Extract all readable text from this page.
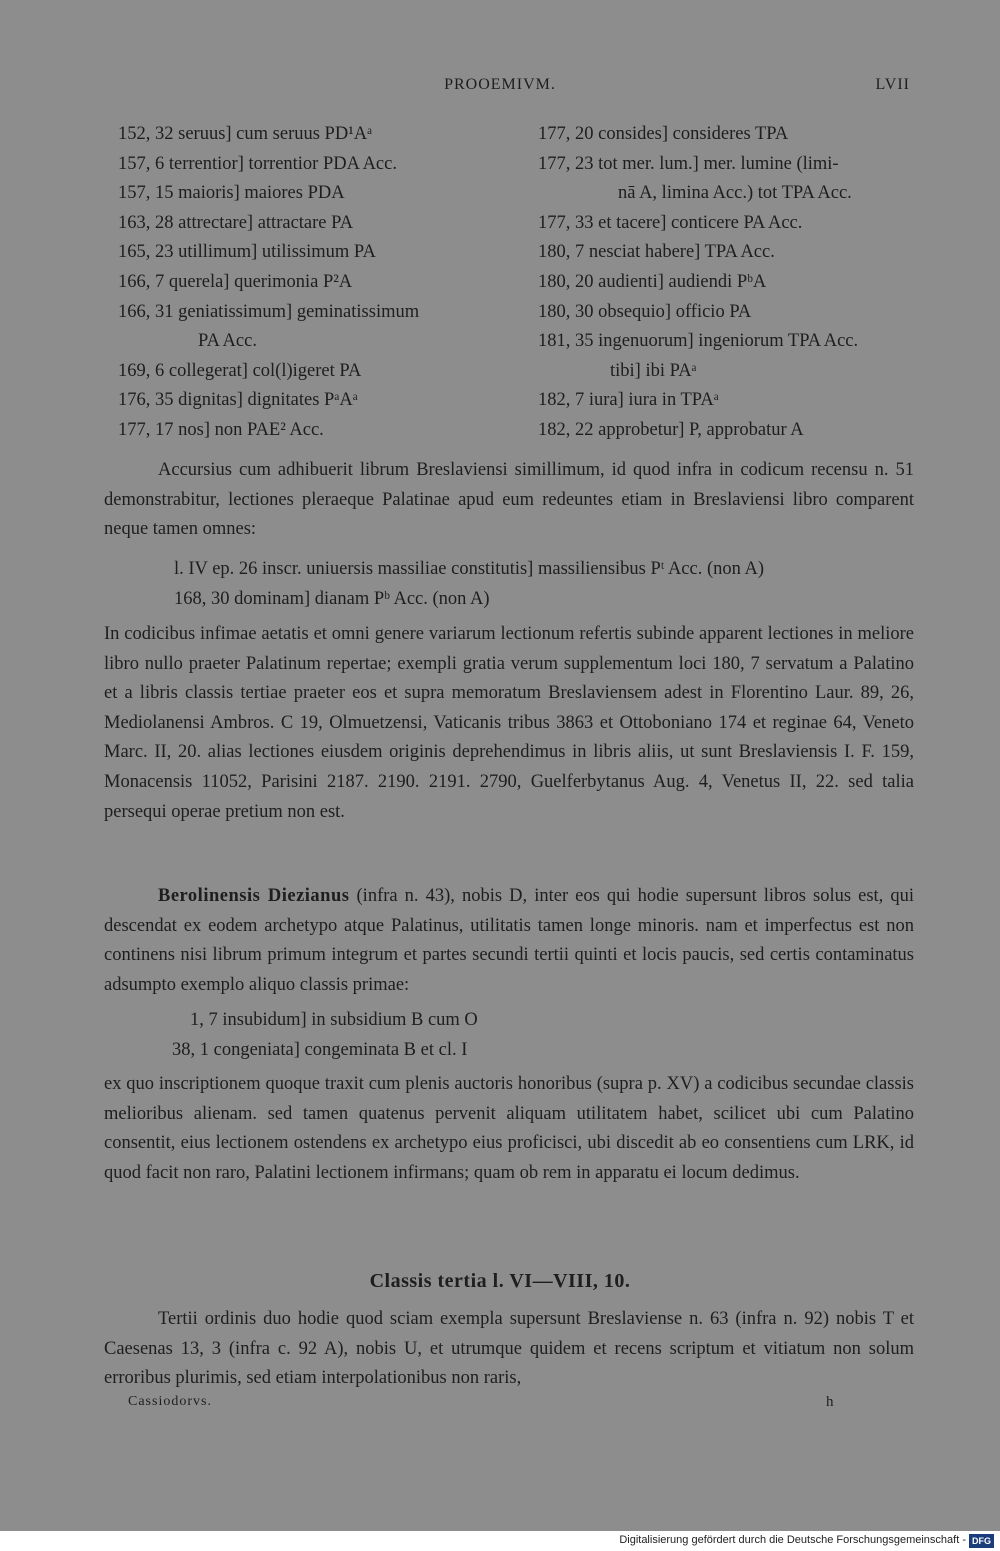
PROOEMIVM.	LVII
152, 32 seruus] cum seruus PD¹Aᵃ
157, 6 terrentior] torrentior PDA Acc.
157, 15 maioris] maiores PDA
163, 28 attrectare] attractare PA
165, 23 utillimum] utilissimum PA
166, 7 querela] querimonia P²A
166, 31 geniatissimum] geminatissimum
PA Acc.
169, 6 collegerat] col(l)igeret PA
176, 35 dignitas] dignitates PᵃAᵃ
177, 17 nos] non PAE² Acc.
177, 20 consides] consideres TPA
177, 23 tot mer. lum.] mer. lumine (limi-
nā A, limina Acc.) tot TPA Acc.
177, 33 et tacere] conticere PA Acc.
180, 7 nesciat habere] TPA Acc.
180, 20 audienti] audiendi PᵇA
180, 30 obsequio] officio PA
181, 35 ingenuorum] ingeniorum TPA Acc.
tibi] ibi PAᵃ
182, 7 iura] iura in TPAᵃ
182, 22 approbetur] P, approbatur A

Accursius cum adhibuerit librum Breslaviensi simillimum, id quod infra in codicum recensu n. 51 demonstrabitur, lectiones pleraeque Palatinae apud eum redeuntes etiam in Breslaviensi libro comparent neque tamen omnes:

l. IV ep. 26 inscr. uniuersis massiliae constitutis] massiliensibus Pᵗ Acc. (non A)
168, 30 dominam] dianam Pᵇ Acc. (non A)

In codicibus infimae aetatis et omni genere variarum lectionum refertis subinde apparent lectiones in meliore libro nullo praeter Palatinum repertae; exempli gratia verum supplementum loci 180, 7 servatum a Palatino et a libris classis tertiae praeter eos et supra memoratum Breslaviensem adest in Florentino Laur. 89, 26, Mediolanensi Ambros. C 19, Olmuetzensi, Vaticanis tribus 3863 et Ottoboniano 174 et reginae 64, Veneto Marc. II, 20. alias lectiones eiusdem originis deprehendimus in libris aliis, ut sunt Breslaviensis I. F. 159, Monacensis 11052, Parisini 2187. 2190. 2191. 2790, Guelferbytanus Aug. 4, Venetus II, 22. sed talia persequi operae pretium non est.

Berolinensis Diezianus (infra n. 43), nobis D, inter eos qui hodie supersunt libros solus est, qui descendat ex eodem archetypo atque Palatinus, utilitatis tamen longe minoris. nam et imperfectus est non continens nisi librum primum integrum et partes secundi tertii quinti et locis paucis, sed certis contaminatus adsumpto exemplo aliquo classis primae:

1, 7 insubidum] in subsidium B cum O
38, 1 congeniata] congeminata B et cl. I

ex quo inscriptionem quoque traxit cum plenis auctoris honoribus (supra p. XV) a codicibus secundae classis melioribus alienam. sed tamen quatenus pervenit aliquam utilitatem habet, scilicet ubi cum Palatino consentit, eius lectionem ostendens ex archetypo eius proficisci, ubi discedit ab eo consentiens cum LRK, id quod facit non raro, Palatini lectionem infirmans; quam ob rem in apparatu ei locum dedimus.

Classis tertia l. VI—VIII, 10.

Tertii ordinis duo hodie quod sciam exempla supersunt Breslaviense n. 63 (infra n. 92) nobis T et Caesenas 13, 3 (infra c. 92 A), nobis U, et utrumque quidem et recens scriptum et vitiatum non solum erroribus plurimis, sed etiam interpolationibus non raris,

Cassiodorvs.	h
Digitalisierung gefördert durch die Deutsche Forschungsgemeinschaft - DFG
